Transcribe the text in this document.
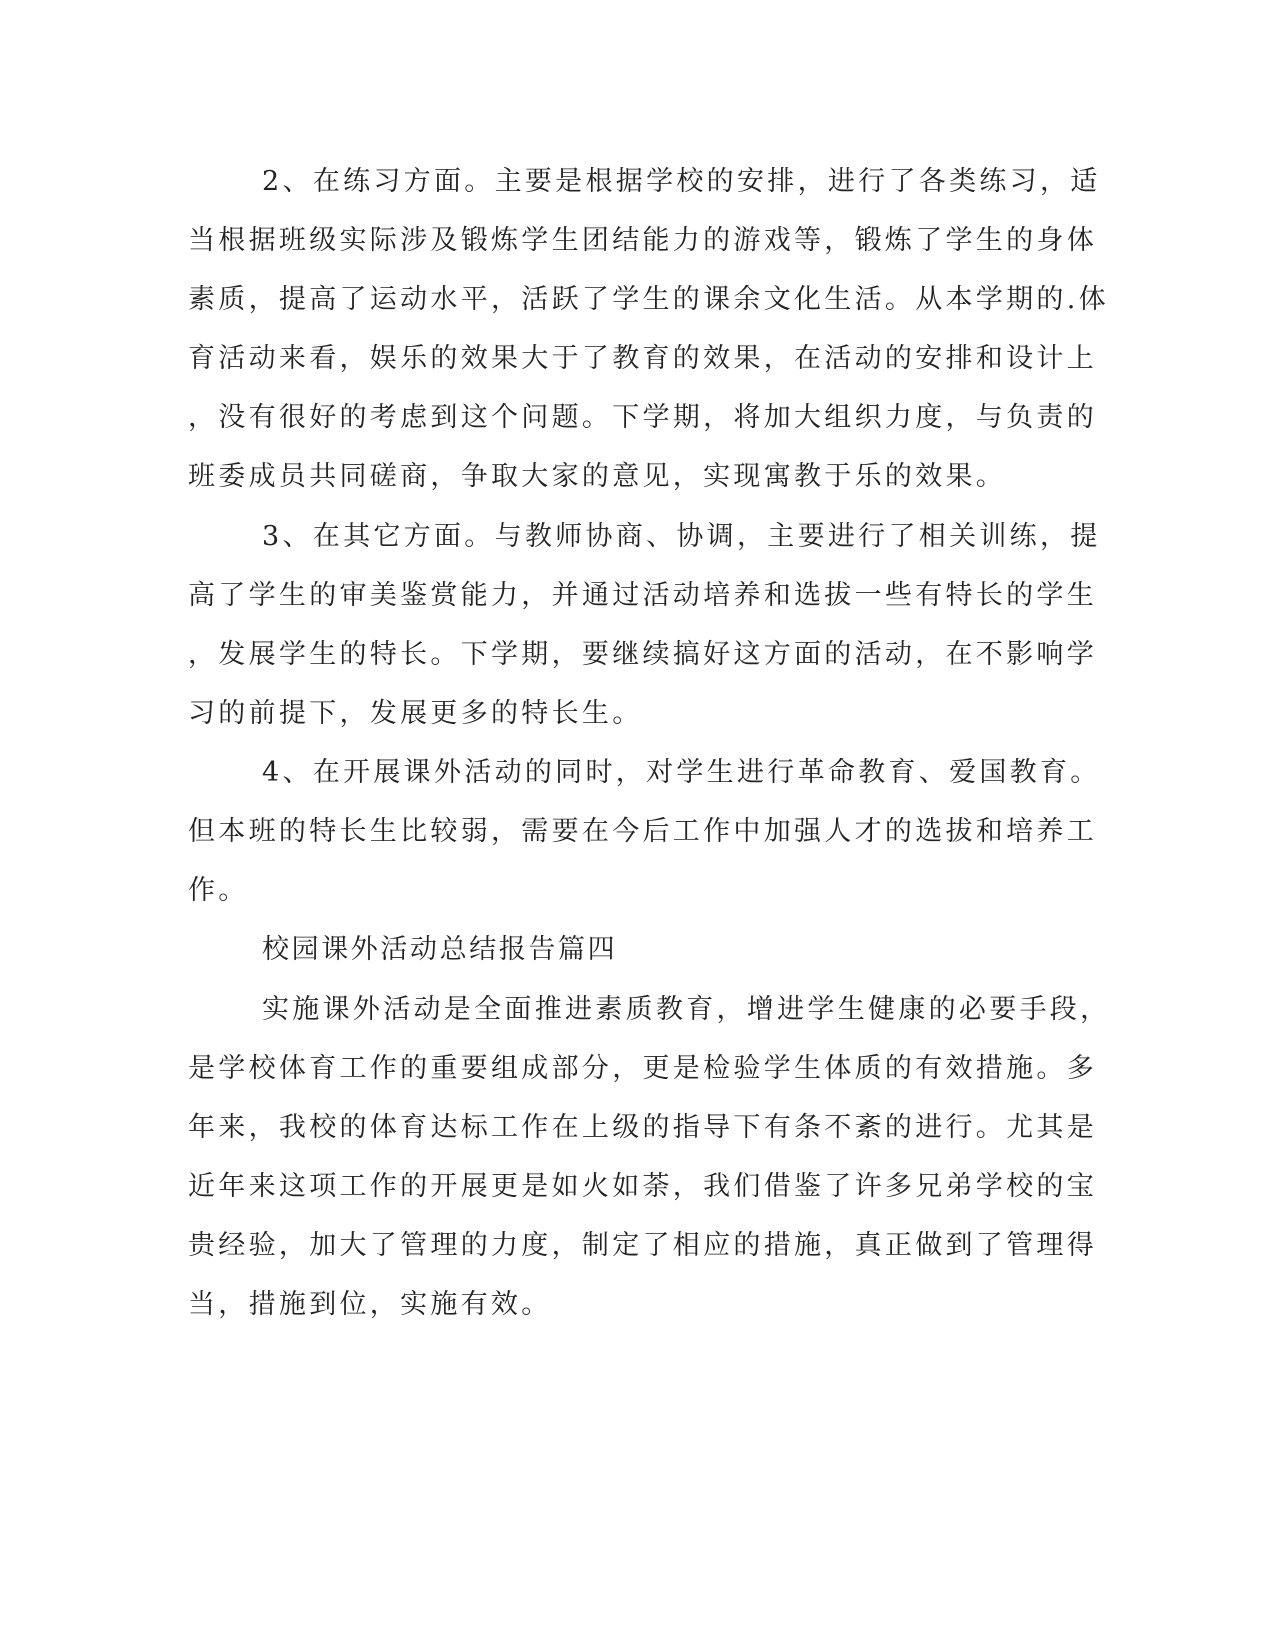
2、在练习方面。主要是根据学校的安排，进行了各类练习，适

当根据班级实际涉及锻炼学生团结能力的游戏等，锻炼了学生的身体

素质，提高了运动水平，活跃了学生的课余文化生活。从本学期的.体

育活动来看，娱乐的效果大于了教育的效果，在活动的安排和设计上

，没有很好的考虑到这个问题。下学期，将加大组织力度，与负责的

班委成员共同磋商，争取大家的意见，实现寓教于乐的效果。

3、在其它方面。与教师协商、协调，主要进行了相关训练，提

高了学生的审美鉴赏能力，并通过活动培养和选拔一些有特长的学生

，发展学生的特长。下学期，要继续搞好这方面的活动，在不影响学

习的前提下，发展更多的特长生。

4、在开展课外活动的同时，对学生进行革命教育、爱国教育。

但本班的特长生比较弱，需要在今后工作中加强人才的选拔和培养工

作。

校园课外活动总结报告篇四

实施课外活动是全面推进素质教育，增进学生健康的必要手段，

是学校体育工作的重要组成部分，更是检验学生体质的有效措施。多

年来，我校的体育达标工作在上级的指导下有条不紊的进行。尤其是

近年来这项工作的开展更是如火如荼，我们借鉴了许多兄弟学校的宝

贵经验，加大了管理的力度，制定了相应的措施，真正做到了管理得

当，措施到位，实施有效。
